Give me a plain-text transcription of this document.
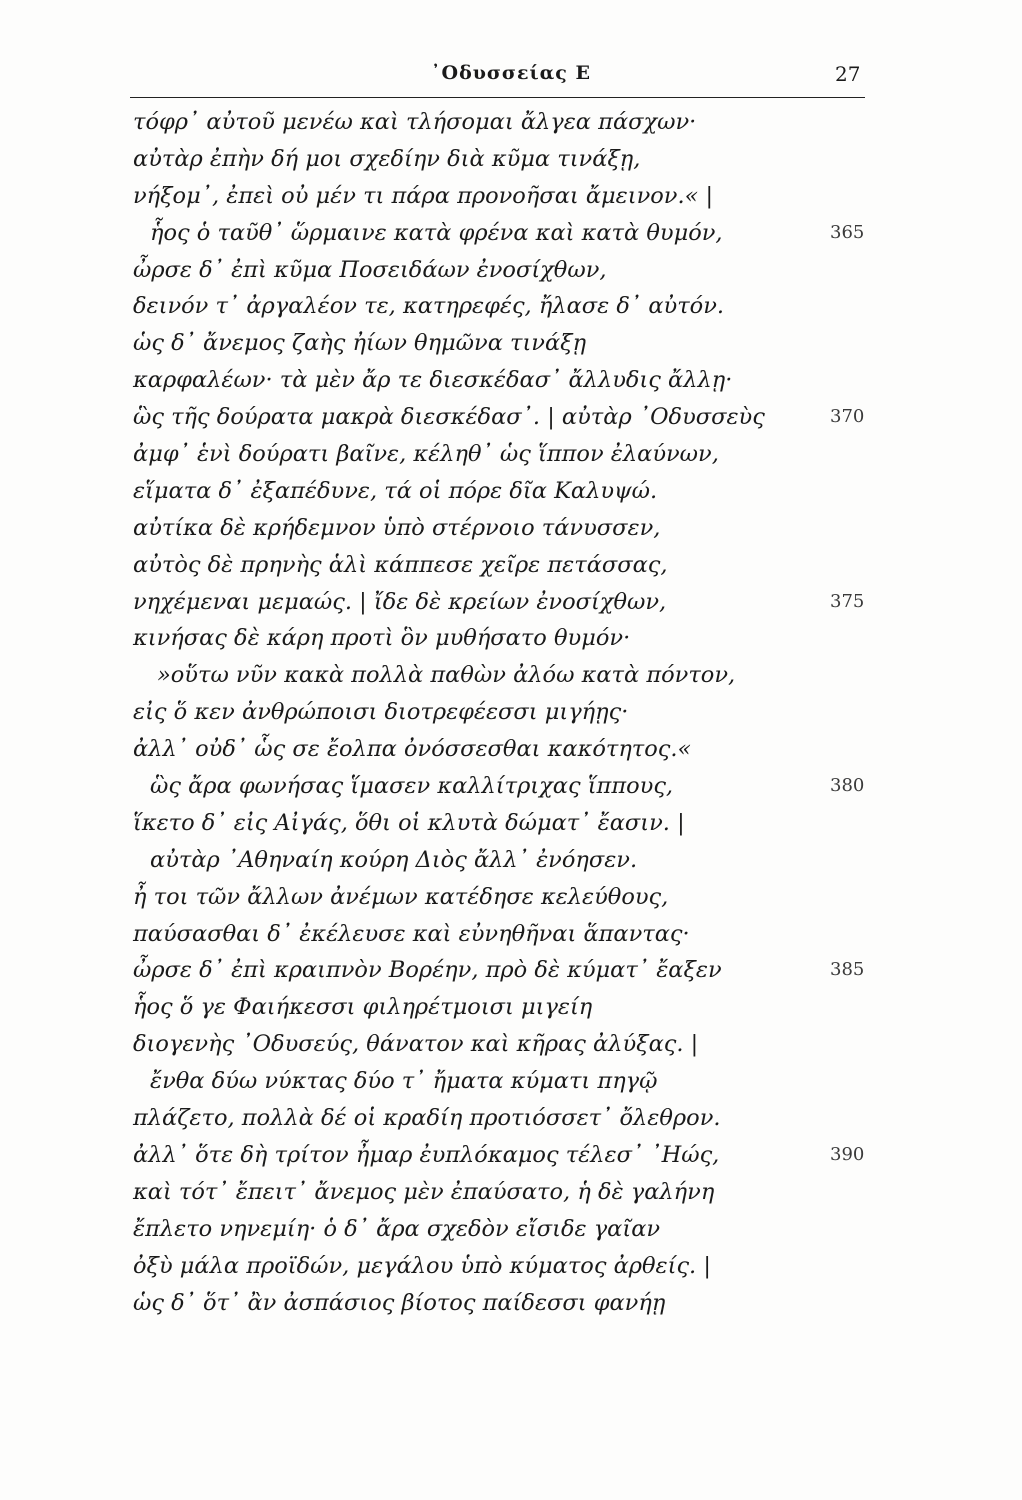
᾿Οδυσσείας Ε	27
τόφρ᾿ αὐτοῦ μενέω καὶ τλήσομαι ἄλγεα πάσχων·
αὐτὰρ ἐπὴν δή μοι σχεδίην διὰ κῦμα τινάξῃ,
νήξομ᾿, ἐπεὶ οὐ μέν τι πάρα προνοῆσαι ἄμεινον.« |
ἧος ὁ ταῦθ᾿ ὥρμαινε κατὰ φρένα καὶ κατὰ θυμόν,	365
ὦρσε δ᾿ ἐπὶ κῦμα Ποσειδάων ἐνοσίχθων,
δεινόν τ᾿ ἀργαλέον τε, κατηρεφές, ἤλασε δ᾿ αὐτόν.
ὡς δ᾿ ἄνεμος ζαὴς ἠίων θημῶνα τινάξῃ
καρφαλέων· τὰ μὲν ἄρ τε διεσκέδασ᾿ ἄλλυδις ἄλλῃ·
ὣς τῆς δούρατα μακρὰ διεσκέδασ᾿. | αὐτὰρ ᾿Οδυσσεὺς	370
ἀμφ᾿ ἑνὶ δούρατι βαῖνε, κέληθ᾿ ὡς ἵππον ἐλαύνων,
εἵματα δ᾿ ἐξαπέδυνε, τά οἱ πόρε δῖα Καλυψώ.
αὐτίκα δὲ κρήδεμνον ὑπὸ στέρνοιο τάνυσσεν,
αὐτὸς δὲ πρηνὴς ἁλὶ κάππεσε χεῖρε πετάσσας,
νηχέμεναι μεμαώς. | ἴδε δὲ κρείων ἐνοσίχθων,	375
κινήσας δὲ κάρη προτὶ ὃν μυθήσατο θυμόν·
»οὕτω νῦν κακὰ πολλὰ παθὼν ἀλόω κατὰ πόντον,
εἰς ὅ κεν ἀνθρώποισι διοτρεφέεσσι μιγήῃς·
ἀλλ᾿ οὐδ᾿ ὧς σε ἔολπα ὀνόσσεσθαι κακότητος.«
ὣς ἄρα φωνήσας ἵμασεν καλλίτριχας ἵππους,	380
ἵκετο δ᾿ εἰς Αἰγάς, ὅθι οἱ κλυτὰ δώματ᾿ ἔασιν. |
αὐτὰρ ᾿Αθηναίη κούρη Διὸς ἄλλ᾿ ἐνόησεν.
ἦ τοι τῶν ἄλλων ἀνέμων κατέδησε κελεύθους,
παύσασθαι δ᾿ ἐκέλευσε καὶ εὐνηθῆναι ἅπαντας·
ὦρσε δ᾿ ἐπὶ κραιπνὸν Βορέην, πρὸ δὲ κύματ᾿ ἔαξεν	385
ἧος ὅ γε Φαιήκεσσι φιληρέτμοισι μιγείη
διογενὴς ᾿Οδυσεύς, θάνατον καὶ κῆρας ἀλύξας. |
ἔνθα δύω νύκτας δύο τ᾿ ἤματα κύματι πηγῷ
πλάζετο, πολλὰ δέ οἱ κραδίη προτιόσσετ᾿ ὄλεθρον.
ἀλλ᾿ ὅτε δὴ τρίτον ἦμαρ ἐυπλόκαμος τέλεσ᾿ ᾿Ηώς,	390
καὶ τότ᾿ ἔπειτ᾿ ἄνεμος μὲν ἐπαύσατο, ἡ δὲ γαλήνη
ἔπλετο νηνεμίη· ὁ δ᾿ ἄρα σχεδὸν εἴσιδε γαῖαν
ὀξὺ μάλα προϊδών, μεγάλου ὑπὸ κύματος ἀρθείς. |
ὡς δ᾿ ὅτ᾿ ἂν ἀσπάσιος βίοτος παίδεσσι φανήῃ
